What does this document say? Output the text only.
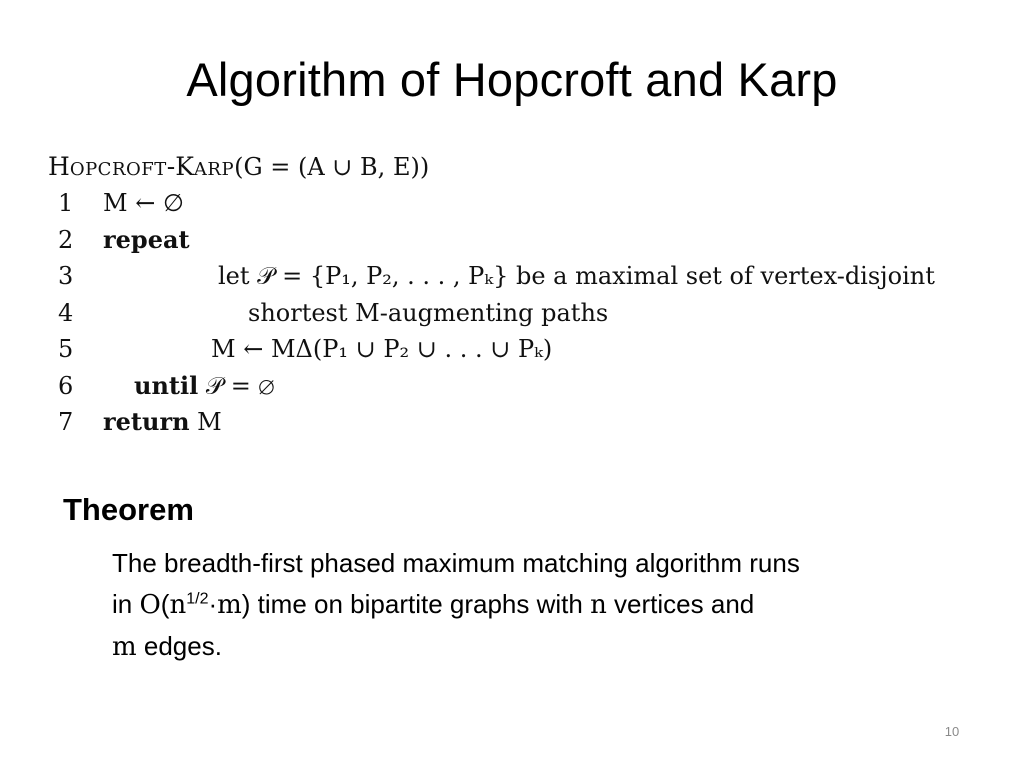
Algorithm of Hopcroft and Karp
HOPCROFT-KARP(G = (A ∪ B, E))
1 M ← ∅
2 repeat
3	let 𝒫 = {P₁, P₂, . . . , Pₖ} be a maximal set of vertex-disjoint
4	shortest M-augmenting paths
5	M ← MΔ(P₁ ∪ P₂ ∪ . . . ∪ Pₖ)
6	until 𝒫 = ∅
7 return M
Theorem
The breadth-first phased maximum matching algorithm runs
in $O(n^{1/2}\cdot m)$ time on bipartite graphs with n vertices and
m edges.
10
